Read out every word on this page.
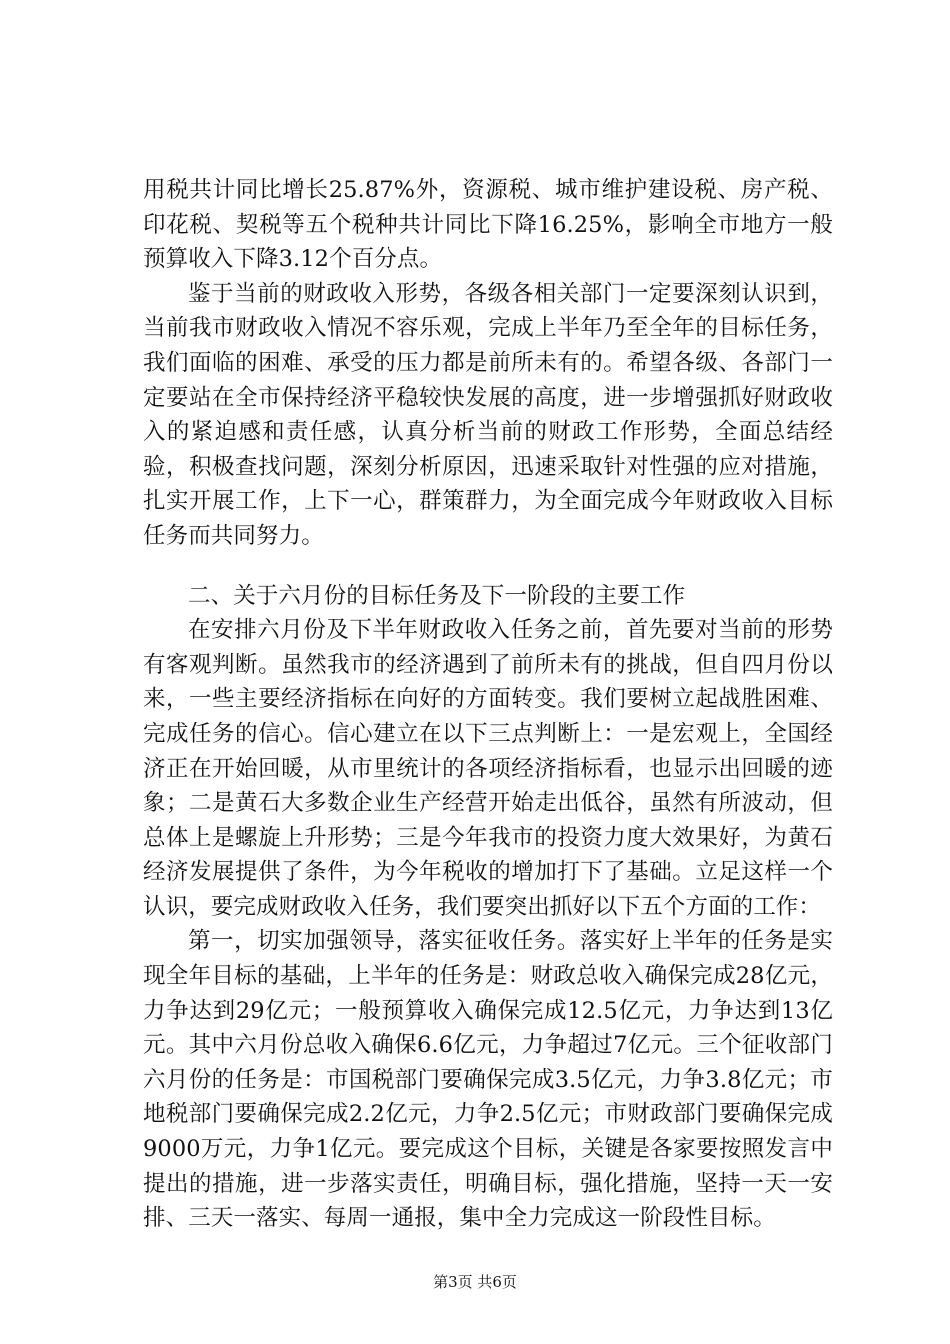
用税共计同比增长25.87%外，资源税、城市维护建设税、房产税、印花税、契税等五个税种共计同比下降16.25%，影响全市地方一般预算收入下降3.12个百分点。

鉴于当前的财政收入形势，各级各相关部门一定要深刻认识到，当前我市财政收入情况不容乐观，完成上半年乃至全年的目标任务，我们面临的困难、承受的压力都是前所未有的。希望各级、各部门一定要站在全市保持经济平稳较快发展的高度，进一步增强抓好财政收入的紧迫感和责任感，认真分析当前的财政工作形势，全面总结经验，积极查找问题，深刻分析原因，迅速采取针对性强的应对措施，扎实开展工作，上下一心，群策群力，为全面完成今年财政收入目标任务而共同努力。

二、关于六月份的目标任务及下一阶段的主要工作

在安排六月份及下半年财政收入任务之前，首先要对当前的形势有客观判断。虽然我市的经济遇到了前所未有的挑战，但自四月份以来，一些主要经济指标在向好的方面转变。我们要树立起战胜困难、完成任务的信心。信心建立在以下三点判断上：一是宏观上，全国经济正在开始回暖，从市里统计的各项经济指标看，也显示出回暖的迹象；二是黄石大多数企业生产经营开始走出低谷，虽然有所波动，但总体上是螺旋上升形势；三是今年我市的投资力度大效果好，为黄石经济发展提供了条件，为今年税收的增加打下了基础。立足这样一个认识，要完成财政收入任务，我们要突出抓好以下五个方面的工作：

第一，切实加强领导，落实征收任务。落实好上半年的任务是实现全年目标的基础，上半年的任务是：财政总收入确保完成28亿元，力争达到29亿元；一般预算收入确保完成12.5亿元，力争达到13亿元。其中六月份总收入确保6.6亿元，力争超过7亿元。三个征收部门六月份的任务是：市国税部门要确保完成3.5亿元，力争3.8亿元；市地税部门要确保完成2.2亿元，力争2.5亿元；市财政部门要确保完成9000万元，力争1亿元。要完成这个目标，关键是各家要按照发言中提出的措施，进一步落实责任，明确目标，强化措施，坚持一天一安排、三天一落实、每周一通报，集中全力完成这一阶段性目标。

第3页 共6页
